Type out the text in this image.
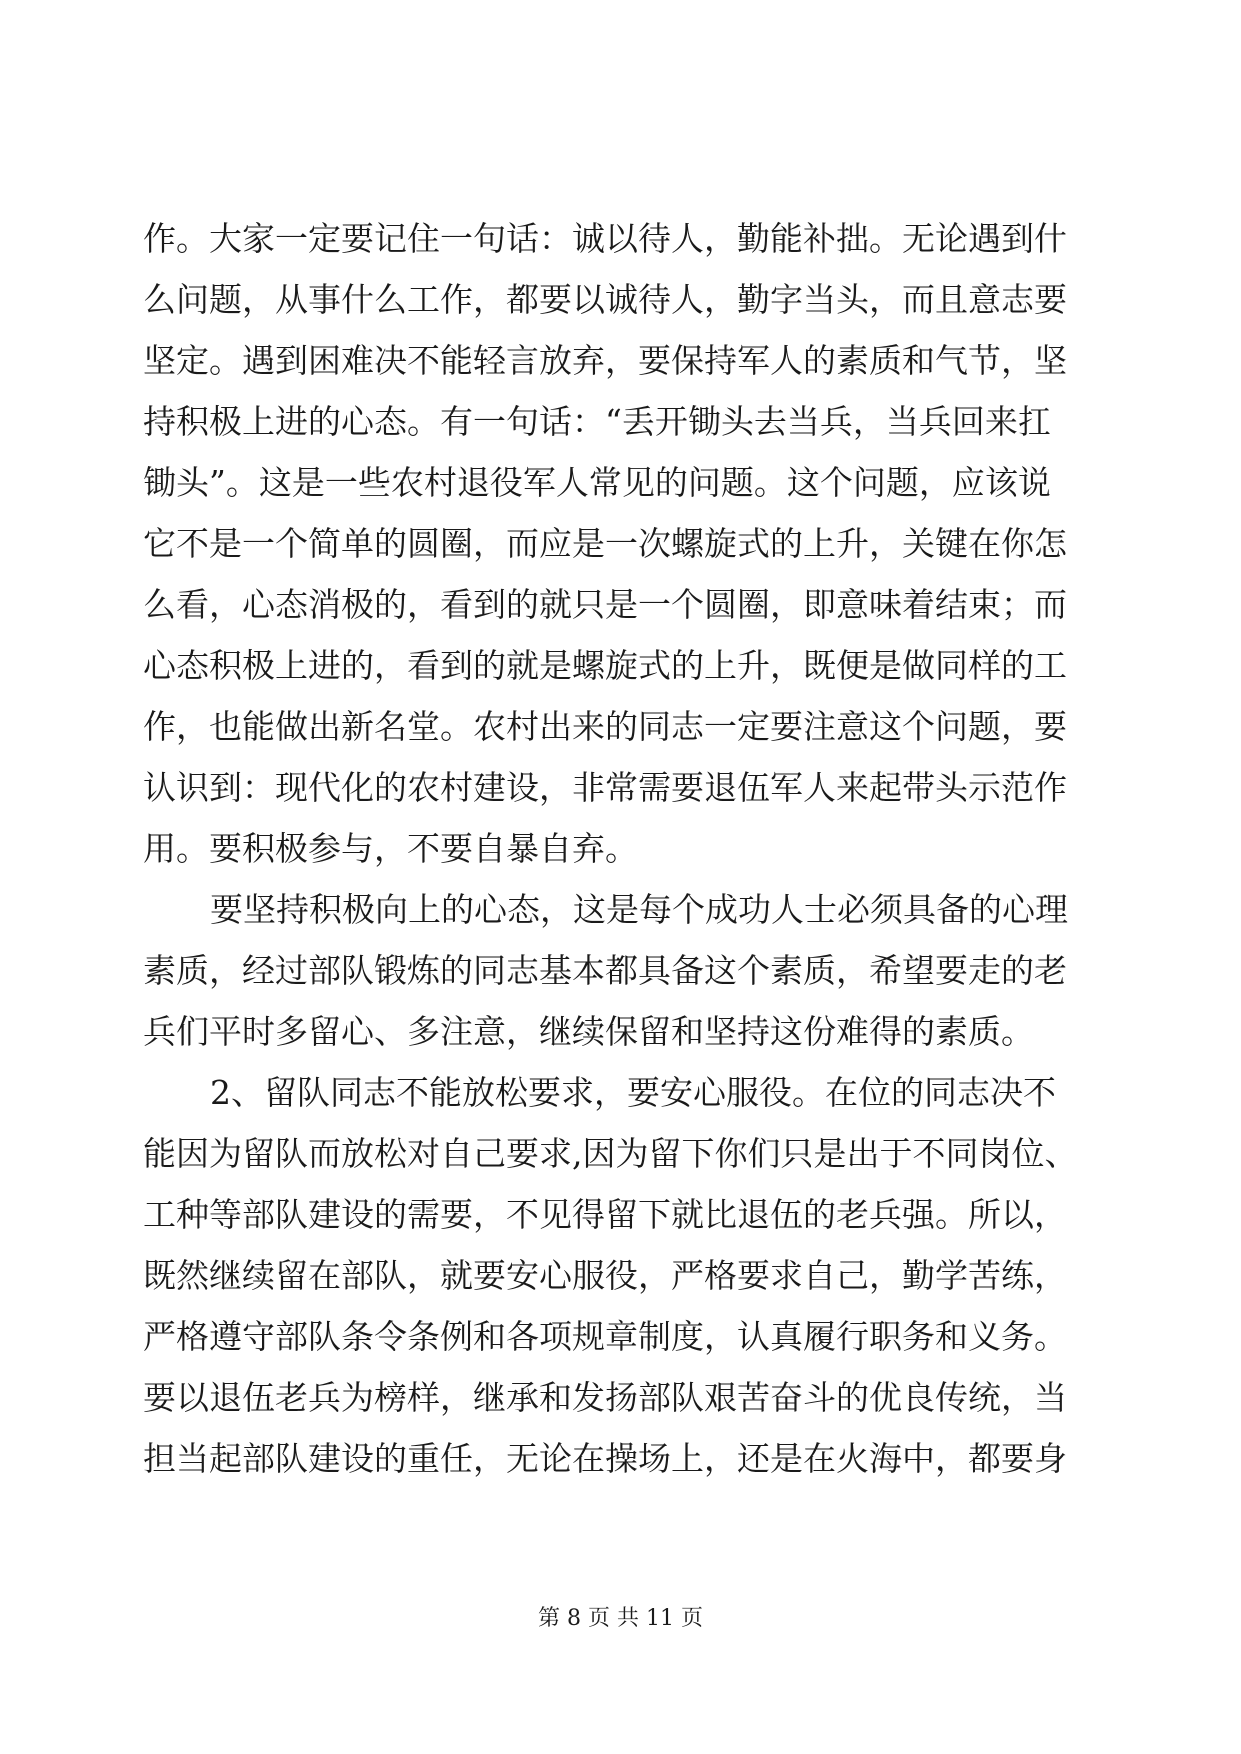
作。大家一定要记住一句话：诚以待人，勤能补拙。无论遇到什
么问题，从事什么工作，都要以诚待人，勤字当头，而且意志要
坚定。遇到困难决不能轻言放弃，要保持军人的素质和气节，坚
持积极上进的心态。有一句话：“丢开锄头去当兵，当兵回来扛
锄头”。这是一些农村退役军人常见的问题。这个问题，应该说
它不是一个简单的圆圈，而应是一次螺旋式的上升，关键在你怎
么看，心态消极的，看到的就只是一个圆圈，即意味着结束；而
心态积极上进的，看到的就是螺旋式的上升，既便是做同样的工
作，也能做出新名堂。农村出来的同志一定要注意这个问题，要
认识到：现代化的农村建设，非常需要退伍军人来起带头示范作
用。要积极参与，不要自暴自弃。
要坚持积极向上的心态，这是每个成功人士必须具备的心理
素质，经过部队锻炼的同志基本都具备这个素质，希望要走的老
兵们平时多留心、多注意，继续保留和坚持这份难得的素质。
2、留队同志不能放松要求，要安心服役。在位的同志决不
能因为留队而放松对自己要求,因为留下你们只是出于不同岗位、
工种等部队建设的需要，不见得留下就比退伍的老兵强。所以，
既然继续留在部队，就要安心服役，严格要求自己，勤学苦练，
严格遵守部队条令条例和各项规章制度，认真履行职务和义务。
要以退伍老兵为榜样，继承和发扬部队艰苦奋斗的优良传统，当
担当起部队建设的重任，无论在操场上，还是在火海中，都要身
第 8 页 共 11 页
